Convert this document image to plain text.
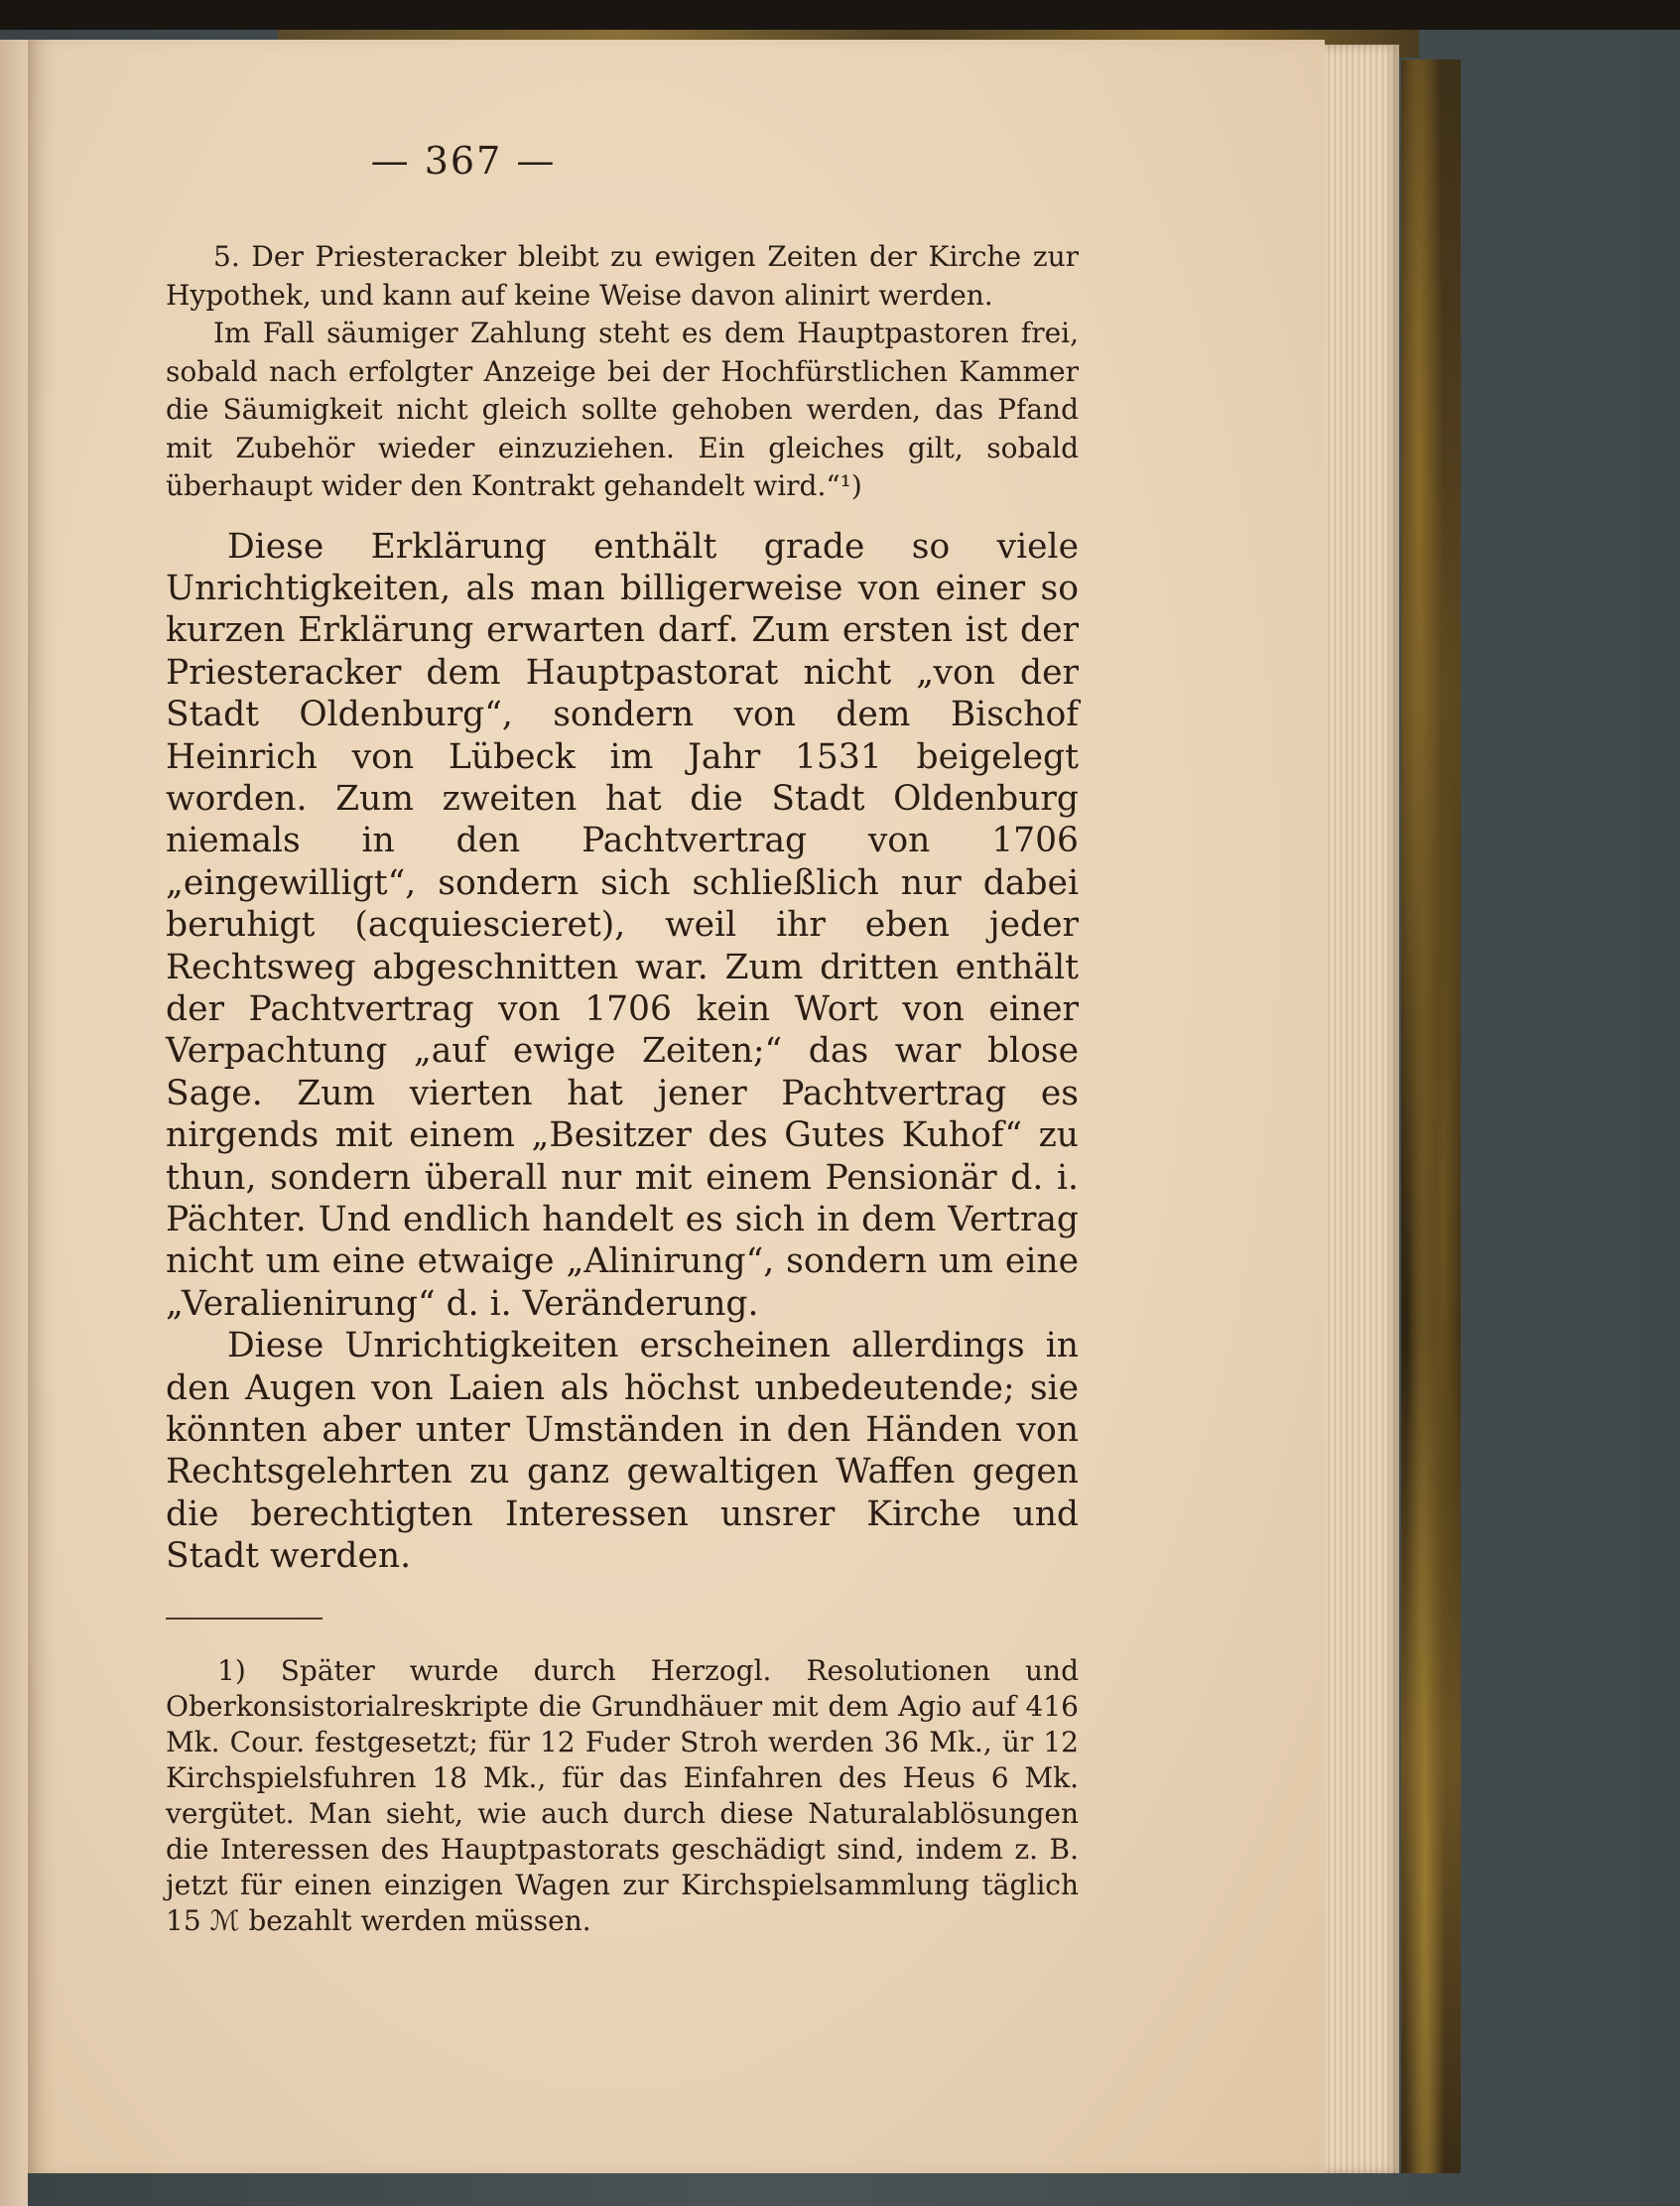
— 367 —

5. Der Priesteracker bleibt zu ewigen Zeiten der Kirche zur Hypothek, und kann auf keine Weise davon alinirt werden.

Im Fall säumiger Zahlung steht es dem Hauptpastoren frei, sobald nach erfolgter Anzeige bei der Hochfürstlichen Kammer die Säumigkeit nicht gleich sollte gehoben werden, das Pfand mit Zubehör wieder einzuziehen. Ein gleiches gilt, sobald überhaupt wider den Kontrakt gehandelt wird.“¹)

Diese Erklärung enthält grade so viele Unrichtigkeiten, als man billigerweise von einer so kurzen Erklärung erwarten darf. Zum ersten ist der Priesteracker dem Hauptpastorat nicht „von der Stadt Oldenburg“, sondern von dem Bischof Heinrich von Lübeck im Jahr 1531 beigelegt worden. Zum zweiten hat die Stadt Oldenburg niemals in den Pachtvertrag von 1706 „eingewilligt“, sondern sich schließlich nur dabei beruhigt (acquiescieret), weil ihr eben jeder Rechtsweg abgeschnitten war. Zum dritten enthält der Pachtvertrag von 1706 kein Wort von einer Verpachtung „auf ewige Zeiten;“ das war blose Sage. Zum vierten hat jener Pachtvertrag es nirgends mit einem „Besitzer des Gutes Kuhof“ zu thun, sondern überall nur mit einem Pensionär d. i. Pächter. Und endlich handelt es sich in dem Vertrag nicht um eine etwaige „Alinirung“, sondern um eine „Veralienirung“ d. i. Veränderung.

Diese Unrichtigkeiten erscheinen allerdings in den Augen von Laien als höchst unbedeutende; sie könnten aber unter Umständen in den Händen von Rechtsgelehrten zu ganz gewaltigen Waffen gegen die berechtigten Interessen unsrer Kirche und Stadt werden.

1) Später wurde durch Herzogl. Resolutionen und Oberkonsistorialreskripte die Grundhäuer mit dem Agio auf 416 Mk. Cour. festgesetzt; für 12 Fuder Stroh werden 36 Mk., ür 12 Kirchspielsfuhren 18 Mk., für das Einfahren des Heus 6 Mk. vergütet. Man sieht, wie auch durch diese Naturalablösungen die Interessen des Hauptpastorats geschädigt sind, indem z. B. jetzt für einen einzigen Wagen zur Kirchspielsammlung täglich 15 ℳ bezahlt werden müssen.
